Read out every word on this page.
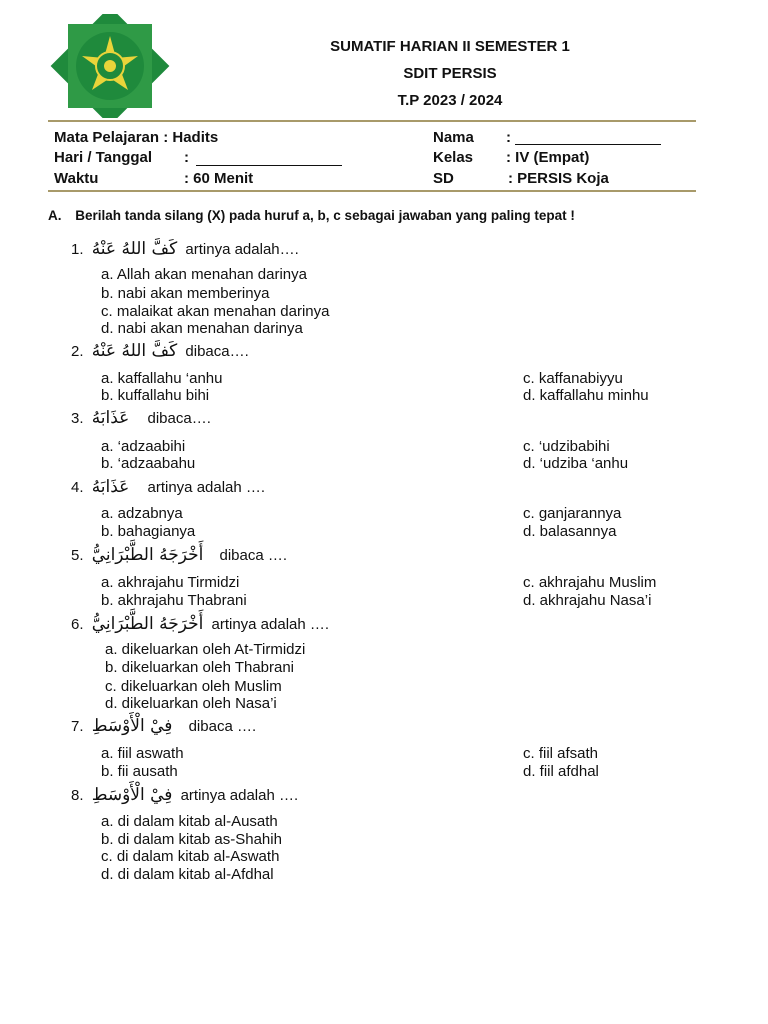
SUMATIF HARIAN II SEMESTER 1
SDIT PERSIS
T.P 2023 / 2024
Mata Pelajaran : Hadits
Hari / Tanggal :
Waktu	: 60 Menit
Nama :
Kelas : IV (Empat)
SD	: PERSIS Koja
A. Berilah tanda silang (X) pada huruf a, b, c sebagai jawaban yang paling tepat !
1. كَفَّ اللهُ عَنْهُ artinya adalah….
a. Allah akan menahan darinya
b. nabi akan memberinya
c. malaikat akan menahan darinya
d. nabi akan menahan darinya
2. كَفَّ اللهُ عَنْهُ dibaca….
a. kaffallahu ‘anhu
b. kuffallahu bihi
c. kaffanabiyyu
d. kaffallahu minhu
3. عَذَابَهُ dibaca….
a. ‘adzaabihi
b. ‘adzaabahu
c. ‘udzibabihi
d. ‘udziba ‘anhu
4. عَذَابَهُ artinya adalah ….
a. adzabnya
b. bahagianya
c. ganjarannya
d. balasannya
5. أَخْرَجَهُ الطَّبْرَانِيُّ dibaca ….
a. akhrajahu Tirmidzi
b. akhrajahu Thabrani
c. akhrajahu Muslim
d. akhrajahu Nasa’i
6. أَخْرَجَهُ الطَّبْرَانِيُّ artinya adalah ….
a. dikeluarkan oleh At-Tirmidzi
b. dikeluarkan oleh Thabrani
c. dikeluarkan oleh Muslim
d. dikeluarkan oleh Nasa’i
7. فِيْ الْأَوْسَطِ dibaca ….
a. fiil aswath
b. fii ausath
c. fiil afsath
d. fiil afdhal
8. فِيْ الْأَوْسَطِ artinya adalah ….
a. di dalam kitab al-Ausath
b. di dalam kitab as-Shahih
c. di dalam kitab al-Aswath
d. di dalam kitab al-Afdhal
